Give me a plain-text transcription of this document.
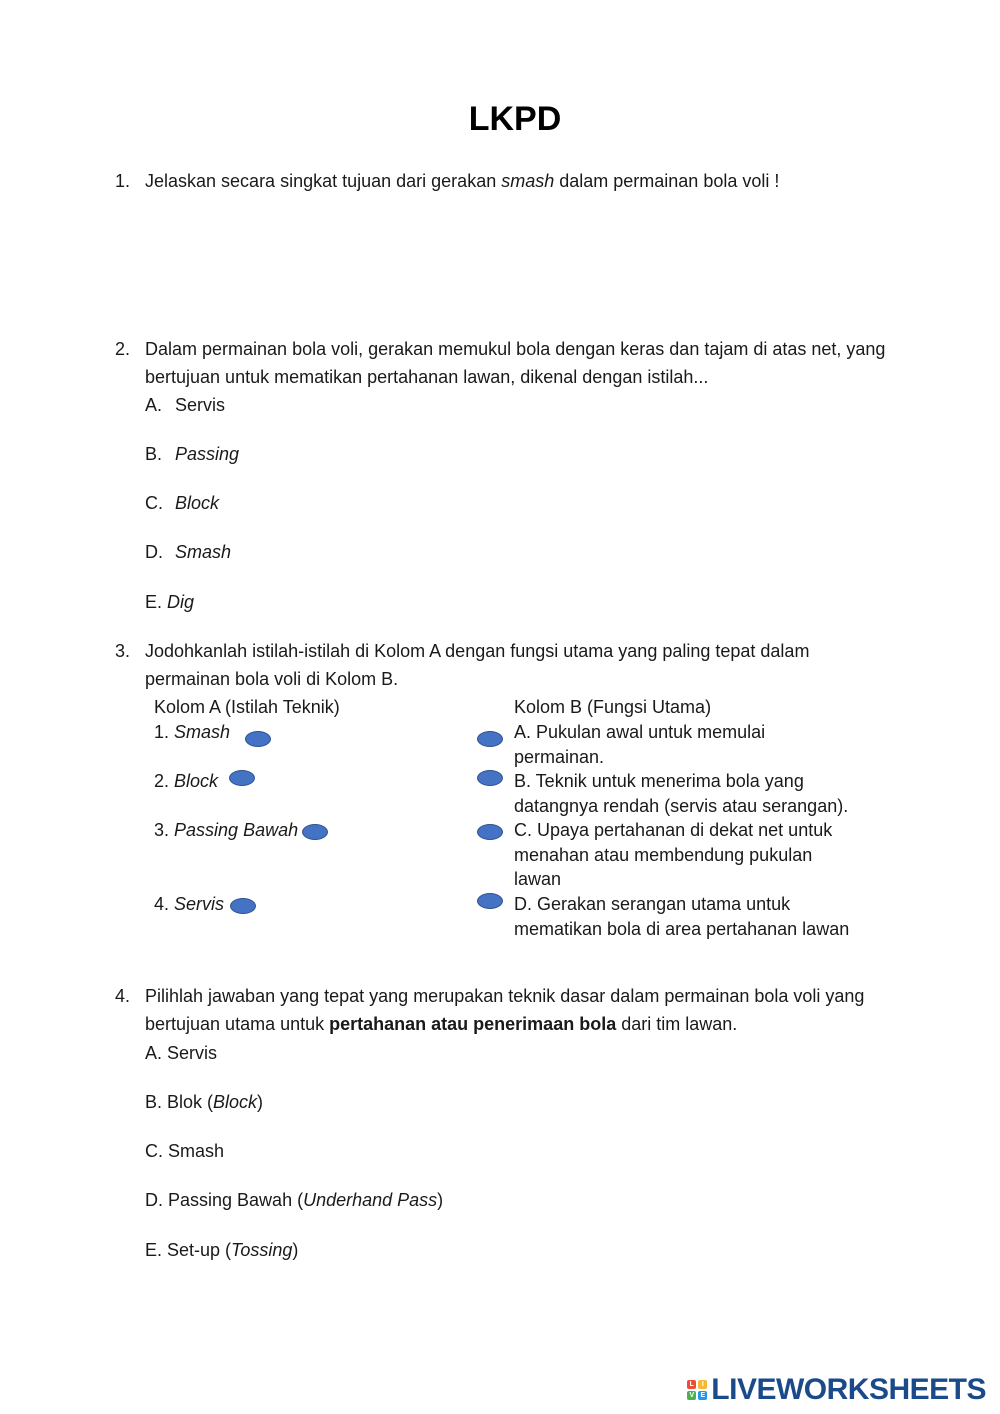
LKPD
1. Jelaskan secara singkat tujuan dari gerakan smash dalam permainan bola voli !
2. Dalam permainan bola voli, gerakan memukul bola dengan keras dan tajam di atas net, yang
bertujuan untuk mematikan pertahanan lawan, dikenal dengan istilah...
A. Servis
B. Passing
C. Block
D. Smash
E. Dig
3. Jodohkanlah istilah-istilah di Kolom A dengan fungsi utama yang paling tepat dalam
permainan bola voli di Kolom B.
Kolom A (Istilah Teknik)	Kolom B (Fungsi Utama)
1. Smash
2. Block
3. Passing Bawah
4. Servis
A. Pukulan awal untuk memulai
permainan.
B. Teknik untuk menerima bola yang
datangnya rendah (servis atau serangan).
C. Upaya pertahanan di dekat net untuk
menahan atau membendung pukulan
lawan
D. Gerakan serangan utama untuk
mematikan bola di area pertahanan lawan
4. Pilihlah jawaban yang tepat yang merupakan teknik dasar dalam permainan bola voli yang
bertujuan utama untuk pertahanan atau penerimaan bola dari tim lawan.
A. Servis
B. Blok (Block)
C. Smash
D. Passing Bawah (Underhand Pass)
E. Set-up (Tossing)
L	I
V E LIVEWORKSHEETS
